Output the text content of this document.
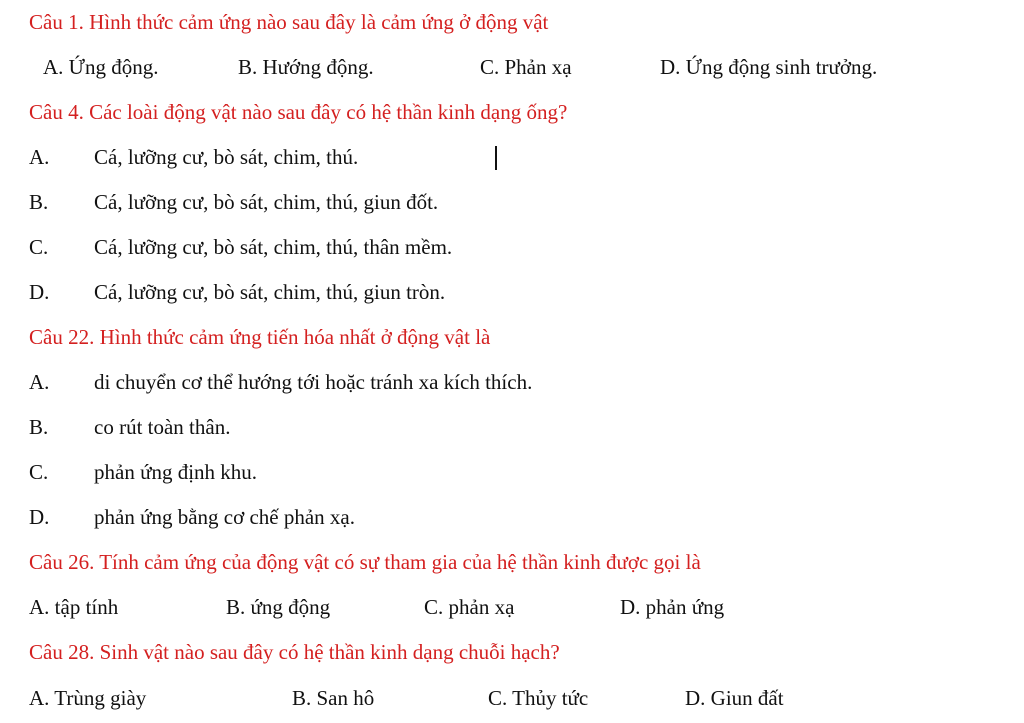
Câu 1. Hình thức cảm ứng nào sau đây là cảm ứng ở động vật
A. Ứng động.	B. Hướng động.	C. Phản xạ	D. Ứng động sinh trưởng.
Câu 4. Các loài động vật nào sau đây có hệ thần kinh dạng ống?
A. Cá, lưỡng cư, bò sát, chim, thú.
B. Cá, lưỡng cư, bò sát, chim, thú, giun đốt.
C. Cá, lưỡng cư, bò sát, chim, thú, thân mềm.
D. Cá, lưỡng cư, bò sát, chim, thú, giun tròn.
Câu 22. Hình thức cảm ứng tiến hóa nhất ở động vật là
A. di chuyển cơ thể hướng tới hoặc tránh xa kích thích.
B. co rút toàn thân.
C. phản ứng định khu.
D. phản ứng bằng cơ chế phản xạ.
Câu 26. Tính cảm ứng của động vật có sự tham gia của hệ thần kinh được gọi là
A. tập tính	B. ứng động	C. phản xạ	D. phản ứng
Câu 28. Sinh vật nào sau đây có hệ thần kinh dạng chuỗi hạch?
A. Trùng giày	B. San hô	C. Thủy tức	D. Giun đất
